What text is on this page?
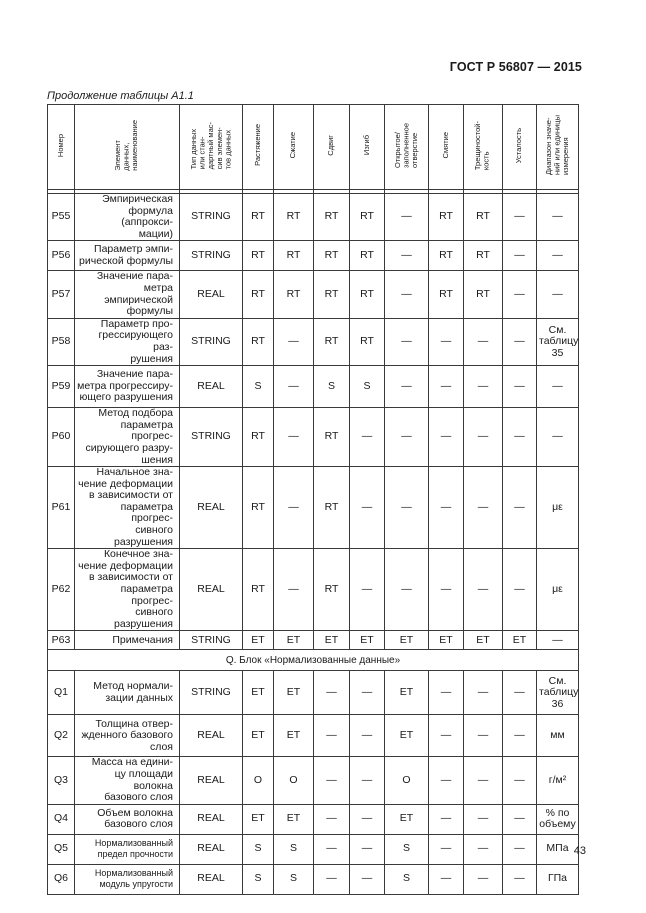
ГОСТ Р 56807 — 2015
Продолжение таблицы А1.1
Номер	Элемент
данных,
наименование	Тип данных
или стан-
дартный мас-
сив элемен-
тов данных	Растяжение	Сжатие	Сдвиг	Изгиб	Открытое/
заполненное
отверстие	Смятие	Трещиностой-
кость	Усталость	Диапазон значе-
ний или единицы
измерения

P55	Эмпирическая
формула (аппрокси-
мации)	STRING	RT	RT	RT	RT	—	RT	RT	—	—
P56	Параметр эмпи-
рической формулы	STRING	RT	RT	RT	RT	—	RT	RT	—	—
P57	Значение пара-
метра эмпирической
формулы	REAL	RT	RT	RT	RT	—	RT	RT	—	—
P58	Параметр про-
грессирующего раз-
рушения	STRING	RT	—	RT	RT	—	—	—	—	См.
таблицу
35
P59	Значение пара-
метра прогрессиру-
ющего разрушения	REAL	S	—	S	S	—	—	—	—	—
P60	Метод подбора
параметра прогрес-
сирующего разру-
шения	STRING	RT	—	RT	—	—	—	—	—	—
P61	Начальное зна-
чение деформации
в зависимости от
параметра прогрес-
сивного разрушения	REAL	RT	—	RT	—	—	—	—	—	με
P62	Конечное зна-
чение деформации
в зависимости от
параметра прогрес-
сивного разрушения	REAL	RT	—	RT	—	—	—	—	—	με
P63	Примечания	STRING	ET	ET	ET	ET	ET	ET	ET	ET	—
Q. Блок «Нормализованные данные»											
Q1	Метод нормали-
зации данных	STRING	ET	ET	—	—	ET	—	—	—	См.
таблицу
36
Q2	Толщина отвер-
жденного базового
слоя	REAL	ET	ET	—	—	ET	—	—	—	мм
Q3	Масса на едини-
цу площади волокна
базового слоя	REAL	O	O	—	—	O	—	—	—	г/м²
Q4	Объем волокна
базового слоя	REAL	ET	ET	—	—	ET	—	—	—	% по
объему
Q5	Нормализованный
предел прочности	REAL	S	S	—	—	S	—	—	—	МПа
Q6	Нормализованный
модуль упругости	REAL	S	S	—	—	S	—	—	—	ГПа
43
